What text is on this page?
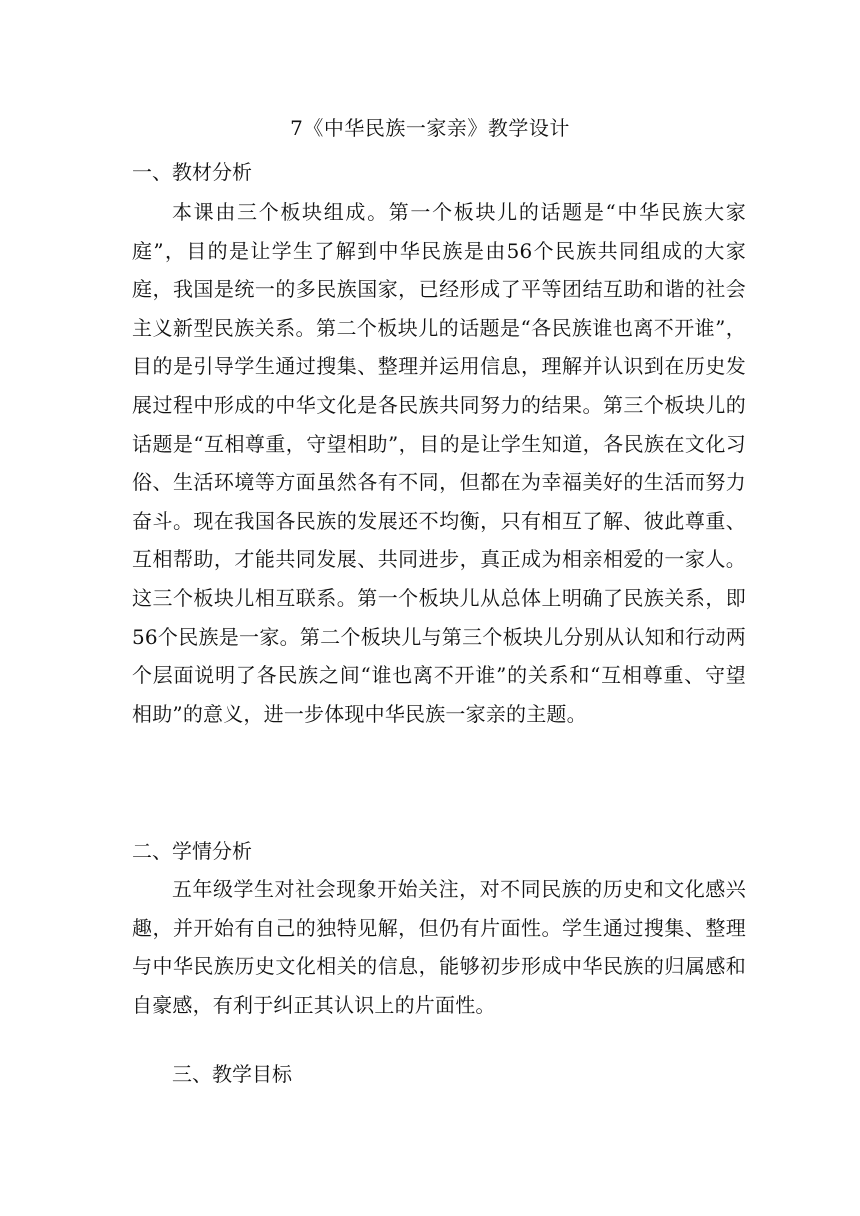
7《中华民族一家亲》教学设计
一、教材分析
本课由三个板块组成。第一个板块儿的话题是“中华民族大家庭”，目的是让学生了解到中华民族是由56个民族共同组成的大家庭，我国是统一的多民族国家，已经形成了平等团结互助和谐的社会主义新型民族关系。第二个板块儿的话题是“各民族谁也离不开谁”，目的是引导学生通过搜集、整理并运用信息，理解并认识到在历史发展过程中形成的中华文化是各民族共同努力的结果。第三个板块儿的话题是“互相尊重，守望相助”，目的是让学生知道，各民族在文化习俗、生活环境等方面虽然各有不同，但都在为幸福美好的生活而努力奋斗。现在我国各民族的发展还不均衡，只有相互了解、彼此尊重、互相帮助，才能共同发展、共同进步，真正成为相亲相爱的一家人。这三个板块儿相互联系。第一个板块儿从总体上明确了民族关系，即56个民族是一家。第二个板块儿与第三个板块儿分别从认知和行动两个层面说明了各民族之间“谁也离不开谁”的关系和“互相尊重、守望相助”的意义，进一步体现中华民族一家亲的主题。
二、学情分析
五年级学生对社会现象开始关注，对不同民族的历史和文化感兴趣，并开始有自己的独特见解，但仍有片面性。学生通过搜集、整理与中华民族历史文化相关的信息，能够初步形成中华民族的归属感和自豪感，有利于纠正其认识上的片面性。
三、教学目标
